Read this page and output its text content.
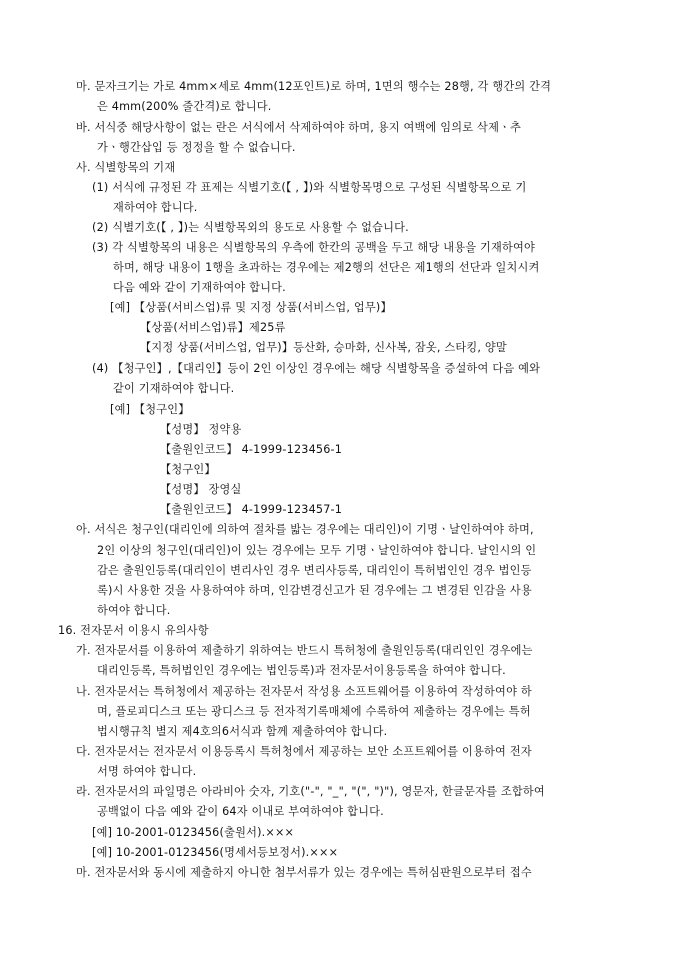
마. 문자크기는 가로 4mm×세로 4mm(12포인트)로 하며, 1면의 행수는 28행, 각 행간의 간격
은 4mm(200% 줄간격)로 합니다.
바. 서식중 해당사항이 없는 란은 서식에서 삭제하여야 하며, 용지 여백에 임의로 삭제ㆍ추
가ㆍ행간삽입 등 정정을 할 수 없습니다.
사. 식별항목의 기재
(1) 서식에 규정된 각 표제는 식별기호(【 , 】)와 식별항목명으로 구성된 식별항목으로 기
재하여야 합니다.
(2) 식별기호(【 , 】)는 식별항목외의 용도로 사용할 수 없습니다.
(3) 각 식별항목의 내용은 식별항목의 우측에 한칸의 공백을 두고 해당 내용을 기재하여야
하며, 해당 내용이 1행을 초과하는 경우에는 제2행의 선단은 제1행의 선단과 일치시켜
다음 예와 같이 기재하여야 합니다.
[예] 【상품(서비스업)류 및 지정 상품(서비스업, 업무)】
【상품(서비스업)류】제25류
【지정 상품(서비스업, 업무)】등산화, 승마화, 신사복, 잠옷, 스타킹, 양말
(4) 【청구인】,【대리인】등이 2인 이상인 경우에는 해당 식별항목을 증설하여 다음 예와
같이 기재하여야 합니다.
[예] 【청구인】
【성명】 정약용
【출원인코드】 4-1999-123456-1
【청구인】
【성명】 장영실
【출원인코드】 4-1999-123457-1
아. 서식은 청구인(대리인에 의하여 절차를 밟는 경우에는 대리인)이 기명ㆍ날인하여야 하며,
2인 이상의 청구인(대리인)이 있는 경우에는 모두 기명ㆍ날인하여야 합니다. 날인시의 인
감은 출원인등록(대리인이 변리사인 경우 변리사등록, 대리인이 특허법인인 경우 법인등
록)시 사용한 것을 사용하여야 하며, 인감변경신고가 된 경우에는 그 변경된 인감을 사용
하여야 합니다.
16. 전자문서 이용시 유의사항
가. 전자문서를 이용하여 제출하기 위하여는 반드시 특허청에 출원인등록(대리인인 경우에는
대리인등록, 특허법인인 경우에는 법인등록)과 전자문서이용등록을 하여야 합니다.
나. 전자문서는 특허청에서 제공하는 전자문서 작성용 소프트웨어를 이용하여 작성하여야 하
며, 플로피디스크 또는 광디스크 등 전자적기록매체에 수록하여 제출하는 경우에는 특허
법시행규칙 별지 제4호의6서식과 함께 제출하여야 합니다.
다. 전자문서는 전자문서 이용등록시 특허청에서 제공하는 보안 소프트웨어를 이용하여 전자
서명 하여야 합니다.
라. 전자문서의 파일명은 아라비아 숫자, 기호("-", "_", "(", ")"), 영문자, 한글문자를 조합하여
공백없이 다음 예와 같이 64자 이내로 부여하여야 합니다.
[예] 10-2001-0123456(출원서).×××
[예] 10-2001-0123456(명세서등보정서).×××
마. 전자문서와 동시에 제출하지 아니한 첨부서류가 있는 경우에는 특허심판원으로부터 접수
